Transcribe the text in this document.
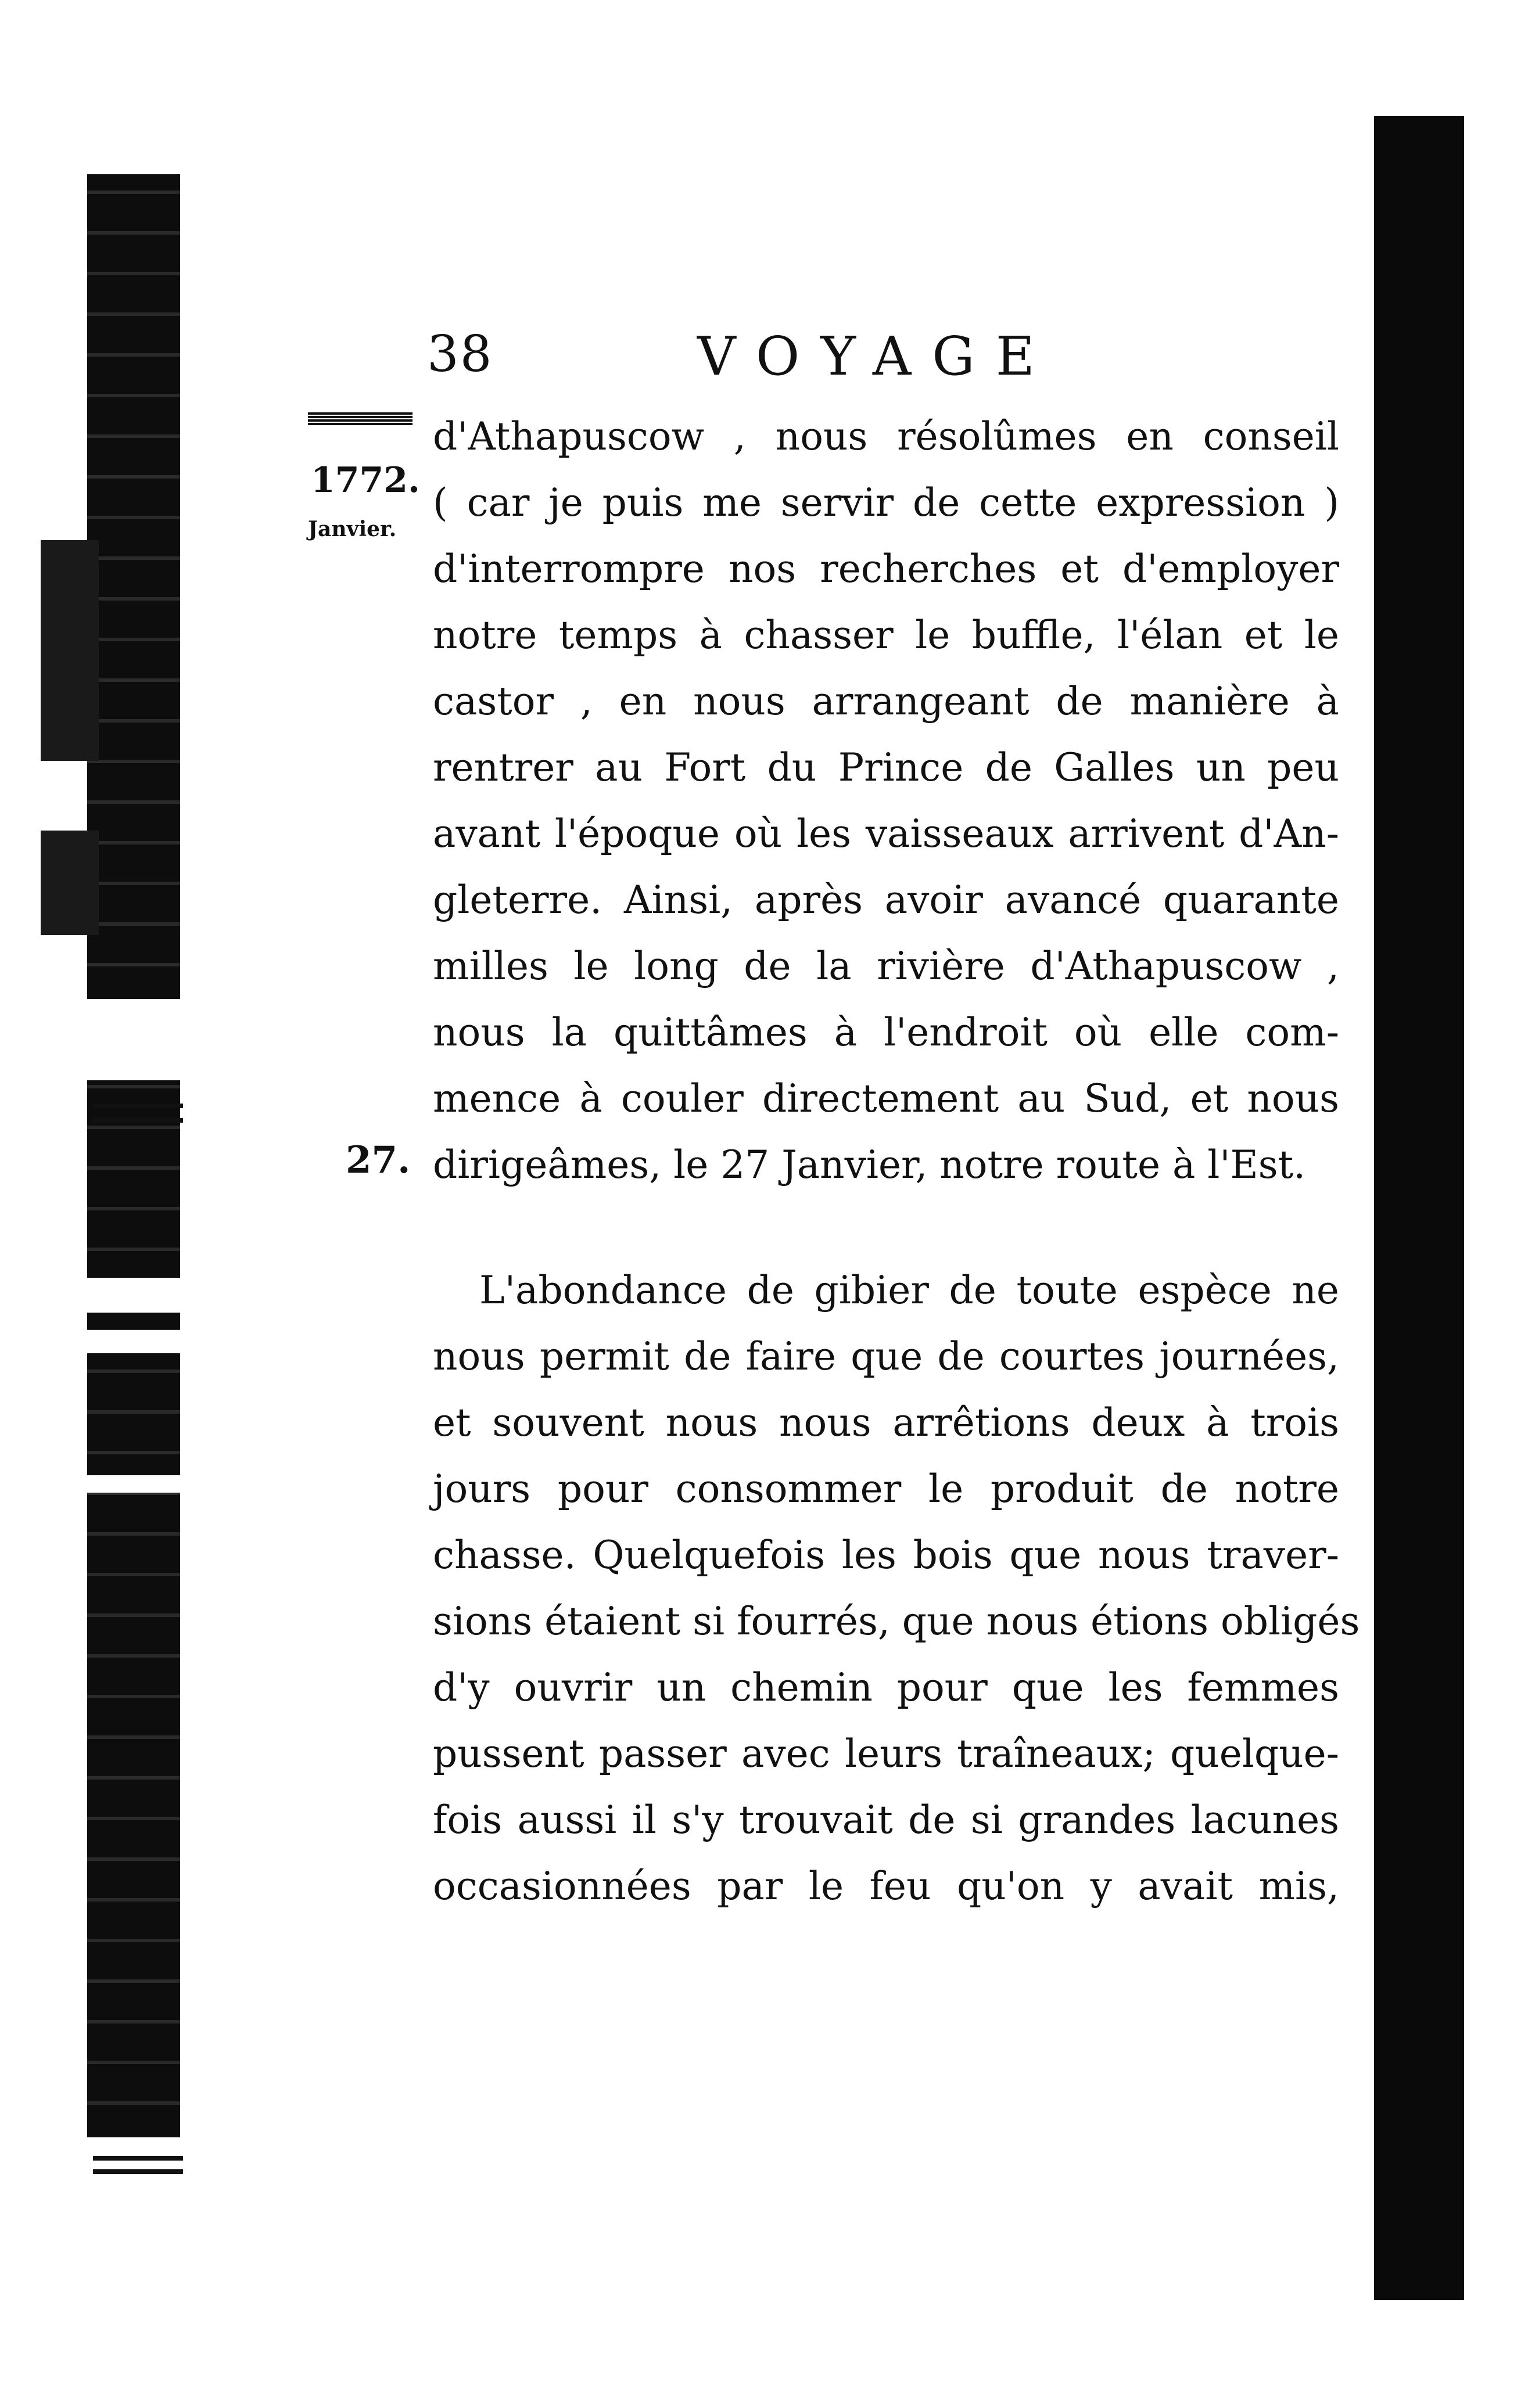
38	VOYAGE
1772.
Janvier.
27.
d'Athapuscow , nous résolûmes en conseil
( car je puis me servir de cette expression )
d'interrompre nos recherches et d'employer
notre temps à chasser le buffle, l'élan et le
castor , en nous arrangeant de manière à
rentrer au Fort du Prince de Galles un peu
avant l'époque où les vaisseaux arrivent d'An-
gleterre. Ainsi, après avoir avancé quarante
milles le long de la rivière d'Athapuscow ,
nous la quittâmes à l'endroit où elle com-
mence à couler directement au Sud, et nous
dirigeâmes, le 27 Janvier, notre route à l'Est.
L'abondance de gibier de toute espèce ne
nous permit de faire que de courtes journées,
et souvent nous nous arrêtions deux à trois
jours pour consommer le produit de notre
chasse. Quelquefois les bois que nous traver-
sions étaient si fourrés, que nous étions obligés
d'y ouvrir un chemin pour que les femmes
pussent passer avec leurs traîneaux; quelque-
fois aussi il s'y trouvait de si grandes lacunes
occasionnées par le feu qu'on y avait mis,
